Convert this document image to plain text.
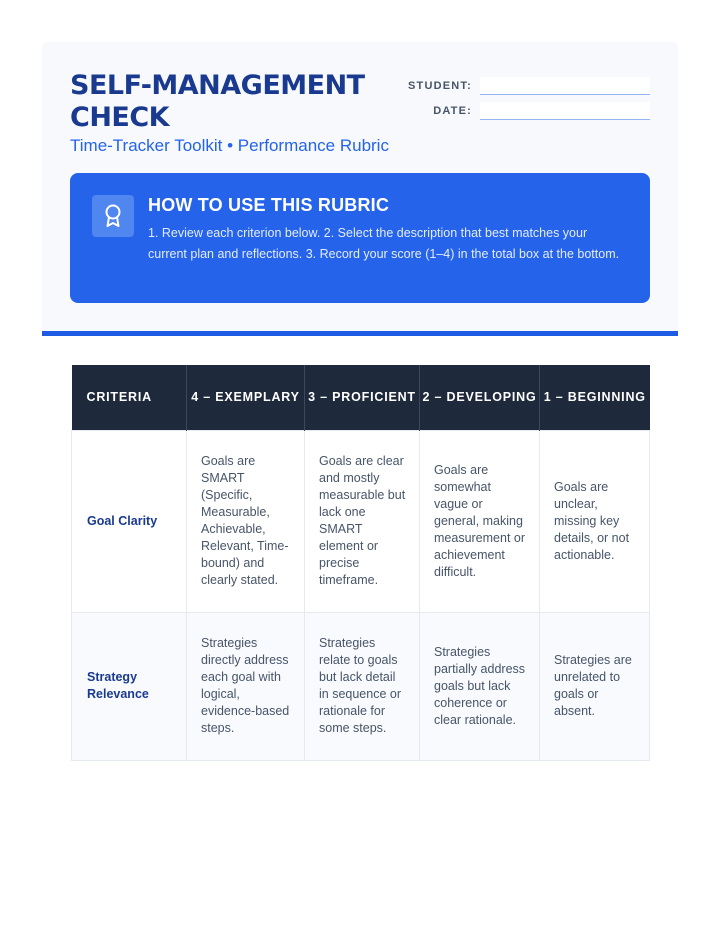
SELF-MANAGEMENT CHECK
Time-Tracker Toolkit • Performance Rubric
STUDENT:
DATE:
HOW TO USE THIS RUBRIC
1. Review each criterion below. 2. Select the description that best matches your current plan and reflections. 3. Record your score (1–4) in the total box at the bottom.
CRITERIA	4 – EXEMPLARY	3 – PROFICIENT	2 – DEVELOPING	1 – BEGINNING
Goal Clarity	Goals are SMART (Specific, Measurable, Achievable, Relevant, Time-bound) and clearly stated.	Goals are clear and mostly measurable but lack one SMART element or precise timeframe.	Goals are somewhat vague or general, making measurement or achievement difficult.	Goals are unclear, missing key details, or not actionable.
Strategy Relevance	Strategies directly address each goal with logical, evidence-based steps.	Strategies relate to goals but lack detail in sequence or rationale for some steps.	Strategies partially address goals but lack coherence or clear rationale.	Strategies are unrelated to goals or absent.
